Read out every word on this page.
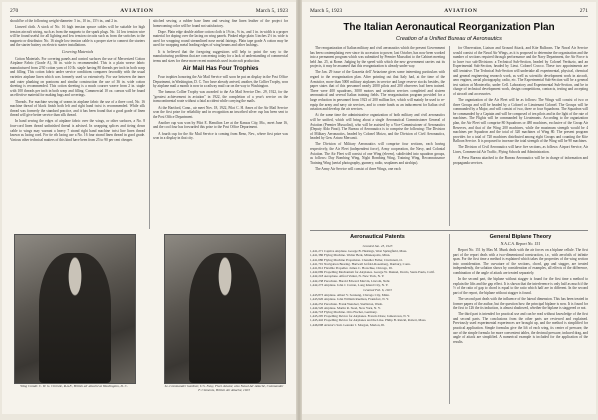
270	AVIATION	March 5, 1923

should be of the following weight-diameter: 5 in., 10 in., 15½ in., and 2 in.

Linseed cloth. A stock of No. 16 high tension spruce cables will be suitable for high tension aircraft wiring, such as from the magneto to the spark plugs. No. 14 low tension wire will be found useful for all lighting and low tension circuits such as from the switches to the magneto or distributor. No. 16 single low tension cable is a proper size to connect the starters and the starter battery on electric starter installations.

Covering Materials

Cotton Materials. For covering panels and control surfaces the use of Mercerized Cotton Airplane Fabric (Grade A), 36 in. wide is recommended. This is a plain weave fabric manufactured from 2/30 cotton yarn of 10 lb. staple having 80 threads per inch in both warp and filling. This cotton fabric under service conditions compares favorably with the usual varieties airplane linen which was formerly used so extensively. For use between the inner and outer planking on pontoons and similar construction the use of 36 in. wide cotton sheeting is recommended. This cotton sheeting is a much coarser weave from 2 in. staple with 100 threads per inch in both warp and filling. Commercial 10 oz. canvas will be found an effective material for making bags and coverings.

Threads. For machine sewing of seams in airplane fabric the use of a three cord, No. 16 machine thread of black finish both left and right hand twist is recommended. While silk thread was formerly the standard practice, and it has been found that a good grade of linen thread will give better service than silk thread.

In hand sewing the edges of airplane fabric over the wings, or other surfaces, a No. 8 four-cord linen thread unfinished thread is advised. In wrapping splices and tieing down cable to wings may warrant a heavy 7 strand right hand machine twist line linen thread known as lacing cord. For tie rib lacing use a No. 16 four strand linen thread in good grade. Various other technical matters of this kind have been from 25 to 90 per cent cheaper.

stitched sewing, a rubber base linen and sewing fine linen leather of the project for homecoming color will be found not satisfactory.

Dope. Plain edge double airline cotton cloth is 1⅜ in., ⅜ in., and 1 in. in width is a proper material for doping over the lacing on wing panels. Pinked edge plain 3 inches 2½ in. wide is used for wrapping round streamlined nose metal fairings. Plain tape grade A cotton may be used for wrapping metal leading edges of wing beams and other lashings.

It is believed that the foregoing suggestions will help to point the way to the manufacturing problems that are concerning today for a lack of understanding of commercial terms and sizes for these more recent materials used in aircraft production.

Air Mail Has Four Trophies

Four trophies honoring the Air Mail Service will soon be put on display in the Post Office Department, in Washington, D. C. Two have already arrived, another, the Collier Trophy, won by airplane mail a month is now in a railway mail car on the way to Washington.

The famous Collier Trophy was awarded to the Air Mail Service Dec. 29, 1922, for the "greatest achievement in aviation" in 1922, the completion of a year's service on the transcontinental route without a fatal accident while carrying the mails.

At the Hartford, Conn., air meet Nov. 18, 1922, Pilot C. H. Ames of the Air Mail Service won the first prize for reliability and in recognition an inscribed silver cup has been sent to the Post Office Department.

Another cup was won by Pilot E. Hamilton Lee at the Kansas City, Mo., meet June 16, and the cool four has forwarded this prize to the Post Office Department.

A fourth cup for the Air Mail Service is coming from Reno, Nev., where first prize was won in a display in that city.

Wing Comdr. C. W. G. Christie, R.A.F., British air attaché at Washington, D. C.	Lt.-Commander Gardner, U.S. Navy, Fleet Aviator, also Naval Air Attaché, Commander F. Clements, British Air Attaché, 1923
March 5, 1923	AVIATION	271
The Italian Aeronautical Reorganization Plan
Creation of a Unified Bureau of Aeronautics

The reorganization of Italian military and civil aeronautics which the present Government has been contemplating ever since its accession to power, last October, has now been worked into a permanent program which was submitted by Premier Mussolini to the Cabinet meeting held Jan. 25, at Rome. Judging by the speed with which the new government carries out its projects, it may be assumed that this reorganization is already under way.

The Jan. 29 issue of the Gazzetta dell' Aviazione gives some interesting particulars with regard to the reorganization plan. After pointing out that Italy had, at the time of the Armistice, more than 5000 military airplanes in service and large reserve stocks besides, the paper states that of this personnel nearly 2000 pilots and 200 observers had been trained. There were 400 squadrons, 3000 motors and aviation services completed and sixteen aeronautical and several Italian training fields. The reorganization program provided for a large reduction in personnel from 1923 of 200 million lire, which will mainly be used to re-equip the army and navy air services, and to create funds as an inducement for Italian civil aviation and develop the air services.

At the same time the administrative organization of both military and civil aeronautics will be unified, which will bring about a single Aeronautical Commissioner General of Aviation (Premier Mussolini), who will be assisted by a Vice-Commissioner of Aeronautics (Deputy Aldo Finzi). The Bureau of Aeronautics is to comprise the following: The Division of Military Aeronautics, headed by Colonel Moizo, and the Division of Civil Aeronautics, headed by Gen. Arturo Mercanti.

The Division of Military Aeronautics will comprise four sections, each having respectively, the Air Fleet (independent force), Army cooperation, the Navy, and Colonial Aviation. The Air Fleet will consist of one Wing (eleven), subdivided into squadron groups, as follows: Day Bombing Wing, Night Bombing Wing, Training Wing, Reconnaissance Training Wing (aerial photography, gunnery, radio, seaplanes and airships).

The Army Air Service will consist of three Wings, one each

for Observation, Liaison and Ground Attack, and Kite Balloons. The Naval Air Service would consist of the Naval Air Wings, as it is proposed to determine the organization and the number of sections required through performance and the Navy Department, the Air Force is to have two sub-Divisions: a Technical Sub-Section, headed by Colonel Verduzio, and an Experimental Sub-Section, headed by Lieut. Colonel Crocco. These two appointments are still tentative. The Technical Sub-Section will undertake all experimental, physical, chemical and general engineering research work, as well as scientific development work in aircraft, aero engines, aerial photography, radio, etc. The Experimental Sub-Section will be a general test station at Montecelio, under Cell. Laboratory and Experimental Sub-Section, and be in charge of technical development work, design competitions, contracts, testing and accepting of aircraft and accessories.

The organization of the Air Fleet will be as follows: The Wings will consist of two or three Groups and will be headed by a Colonel or Lieutenant Colonel. The Groups will be commanded by a Major, and will consist of two, three or four Squadrons. The Squadron will be commanded by a Captain and will be composed of ten pilots and in the light of the rate of machines. The Flights will be commanded by Lieutenants. According to the organization plan, the Air Fleet will comprise 80 Squadrons or 480 machines, exclusive of the Group Air Reserves, and that of the Wing 200 machines, while the maximum strength would be 4 machines per Squadron and the total of 320 machines of Wing 80. The present program provides for a total of 720 machines distributed among eight Groups and counting the Kite Balloon Service. It is proposed to increase the total strength of the Wing will be 90 machines.

The Division of Civil Aeronautics will have five sections, as follows: Airport Service, Air Lines, Commercial Air Traffic, Flying Schools and Administration.

A Press Bureau attached to the Bureau Aeronautics will be in charge of information and propaganda services.

Aeronautical Patents
Granted Jan. 23, 1923
1,441,271 Captive Airplane. George B. Hastings, West Springfield, Mass.
1,441,386 Flying Machine. Walter Berk, Minneapolis, Minn.
1,441,686 Flying Machine Propulsion. Chandler Fuller, Cincinnati, O.
1,441,701 Navigation Bearing. Hartwell Jetfold-Rosenberg, Danbury, Conn.
1,441,812 Flexible Propeller. James C. Horschke, Chicago, Ill.
1,442,069 Propelling Mechanism for Airplanes. George W. Dunnel, Dorris, Santa Paula, Calif.
1,442,218 Aeroplane. Alfred Vanler, N. New York, N. Y.
1,442,238 Parachute. Harold Edward Marvin, Lincoln, Nebr.
1,442,273 Airplane. John J. Curran, Long Island City, N. Y.
Granted Feb. 6, 1923
1,443,873 Airplane. Albert V. Sonnang, Chicago City, Minn.
1,443,926 Airplane. John William Rueblen, Frankfort, N. Y.
1,444,252 Parachute. Frank Wenckel, Sterlinton, Wash.
1,444,526 Airplane. Martin R. Steel, New York, N. Y.
1,444,718 Flying Machine. Otto Fischer, Germany.
1,445,205 Propelling Device for Airplanes. Francis Drew, Jamestown, N. Y.
1,445,442 Propelling Device for Airplanes and the Like. Philip B. Reickl, Robert, Mass.
1,446,008 Aviator's Suit. Leander J. Morgan, Marion, Ill.
General Biplane Theory
N.A.C.A. Report No. 151

Report No. 151 by Max M. Munk deals with the air forces on a biplane cellule. The first part of the report deals with a two-dimensional construction, i.e., with aerofoils of infinite span. For the first time a method is explained which takes the properties of the wing section into consideration. The curvature of the sections, chord, gap and stagger, are treated independently, the solution shows by consideration of examples, all effects of the difference, combination of the angle of attack are treated separately.

In the second part, the biplane without stagger is found for the first time a method to explain the lifts and the gap effect. It is shown that the interference is only half as much if the ½ of the ratio of gap to chord is equal to the ratio which half are in different. In the second part of the report, the biplane without stagger is found.

The second part deals with the influence of the lateral dimension. This has been treated in former papers of the author, but the question how the principal biplane is now. It is found for the first to 126 the its induction, is almost shadowed, whether the biplane is staggered or not.

The third part is intended for practical use and can be read without knowledge of the first and second parts. The conclusions from the other parts are reviewed and explained. Previously used experimental experiences are brought up, and the method is simplified for practical application. Simple formulas give the lift of each wing, its center of pressure, the use of the simple formula for more convenient tables, the decimal pressure, induced drag, and angle of attack are simplified. A numerical example is included for the application of the results.
